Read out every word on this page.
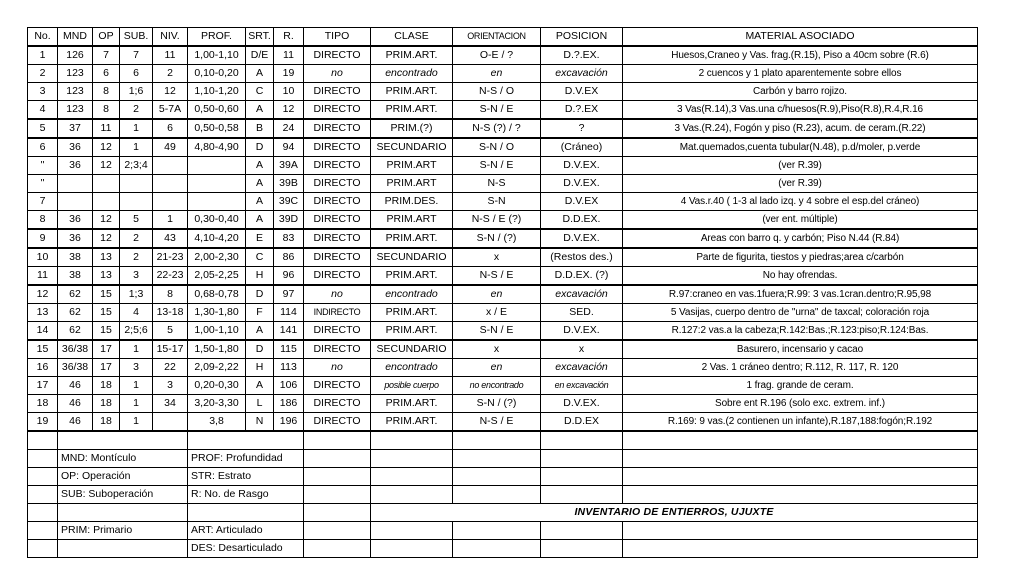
No.	MND	OP	SUB.	NIV.	PROF.	SRT.	R.	TIPO	CLASE	ORIENTACION	POSICION	MATERIAL ASOCIADO
1	126	7	7	11	1,00-1,10	D/E	11	DIRECTO	PRIM.ART.	O-E / ?	D.?.EX.	Huesos,Craneo y Vas. frag.(R.15), Piso a 40cm sobre (R.6)
2	123	6	6	2	0,10-0,20	A	19	no	encontrado	en	excavación	2 cuencos y 1 plato aparentemente sobre ellos
3	123	8	1;6	12	1,10-1,20	C	10	DIRECTO	PRIM.ART.	N-S / O	D.V.EX	Carbón y barro rojizo.
4	123	8	2	5-7A	0,50-0,60	A	12	DIRECTO	PRIM.ART.	S-N / E	D.?.EX	3 Vas(R.14),3 Vas.una c/huesos(R.9),Piso(R.8),R.4,R.16
5	37	11	1	6	0,50-0,58	B	24	DIRECTO	PRIM.(?)	N-S (?) / ?	?	3 Vas.(R.24), Fogón y piso (R.23), acum. de ceram.(R.22)
6	36	12	1	49	4,80-4,90	D	94	DIRECTO	SECUNDARIO	S-N / O	(Cráneo)	Mat.quemados,cuenta tubular(N.48), p.d/moler, p.verde
"	36	12	2;3;4			A	39A	DIRECTO	PRIM.ART	S-N / E	D.V.EX.	(ver R.39)
"						A	39B	DIRECTO	PRIM.ART	N-S	D.V.EX.	(ver R.39)
7						A	39C	DIRECTO	PRIM.DES.	S-N	D.V.EX	4 Vas.r.40 ( 1-3 al lado izq. y 4 sobre el esp.del cráneo)
8	36	12	5	1	0,30-0,40	A	39D	DIRECTO	PRIM.ART	N-S / E (?)	D.D.EX.	(ver ent. múltiple)
9	36	12	2	43	4,10-4,20	E	83	DIRECTO	PRIM.ART.	S-N / (?)	D.V.EX.	Areas con barro q. y carbón; Piso N.44 (R.84)
10	38	13	2	21-23	2,00-2,30	C	86	DIRECTO	SECUNDARIO	x	(Restos des.)	Parte de figurita, tiestos y piedras;area c/carbón
11	38	13	3	22-23	2,05-2,25	H	96	DIRECTO	PRIM.ART.	N-S / E	D.D.EX. (?)	No hay ofrendas.
12	62	15	1;3	8	0,68-0,78	D	97	no	encontrado	en	excavación	R.97:craneo en vas.1fuera;R.99: 3 vas.1cran.dentro;R.95,98
13	62	15	4	13-18	1,30-1,80	F	114	INDIRECTO	PRIM.ART.	x / E	SED.	5 Vasijas, cuerpo dentro de "urna" de taxcal; coloración roja
14	62	15	2;5;6	5	1,00-1,10	A	141	DIRECTO	PRIM.ART.	S-N / E	D.V.EX.	R.127:2 vas.a la cabeza;R.142:Bas.;R.123:piso;R.124:Bas.
15	36/38	17	1	15-17	1,50-1,80	D	115	DIRECTO	SECUNDARIO	x	x	Basurero, incensario y cacao
16	36/38	17	3	22	2,09-2,22	H	113	no	encontrado	en	excavación	2 Vas. 1 cráneo dentro; R.112, R. 117, R. 120
17	46	18	1	3	0,20-0,30	A	106	DIRECTO	posible cuerpo	no encontrado	en excavación	1 frag. grande de ceram.
18	46	18	1	34	3,20-3,30	L	186	DIRECTO	PRIM.ART.	S-N / (?)	D.V.EX.	Sobre ent R.196 (solo exc. extrem. inf.)
19	46	18	1		3,8	N	196	DIRECTO	PRIM.ART.	N-S / E	D.D.EX	R.169: 9 vas.(2 contienen un infante),R.187,188:fogón;R.192

	MND: Montículo				PROF: Profundidad							
	OP: Operación				STR: Estrato							
	SUB: Suboperación				R: No. de Rasgo							
									INVENTARIO DE ENTIERROS, UJUXTE			
	PRIM: Primario				ART: Articulado							
					DES: Desarticulado							
